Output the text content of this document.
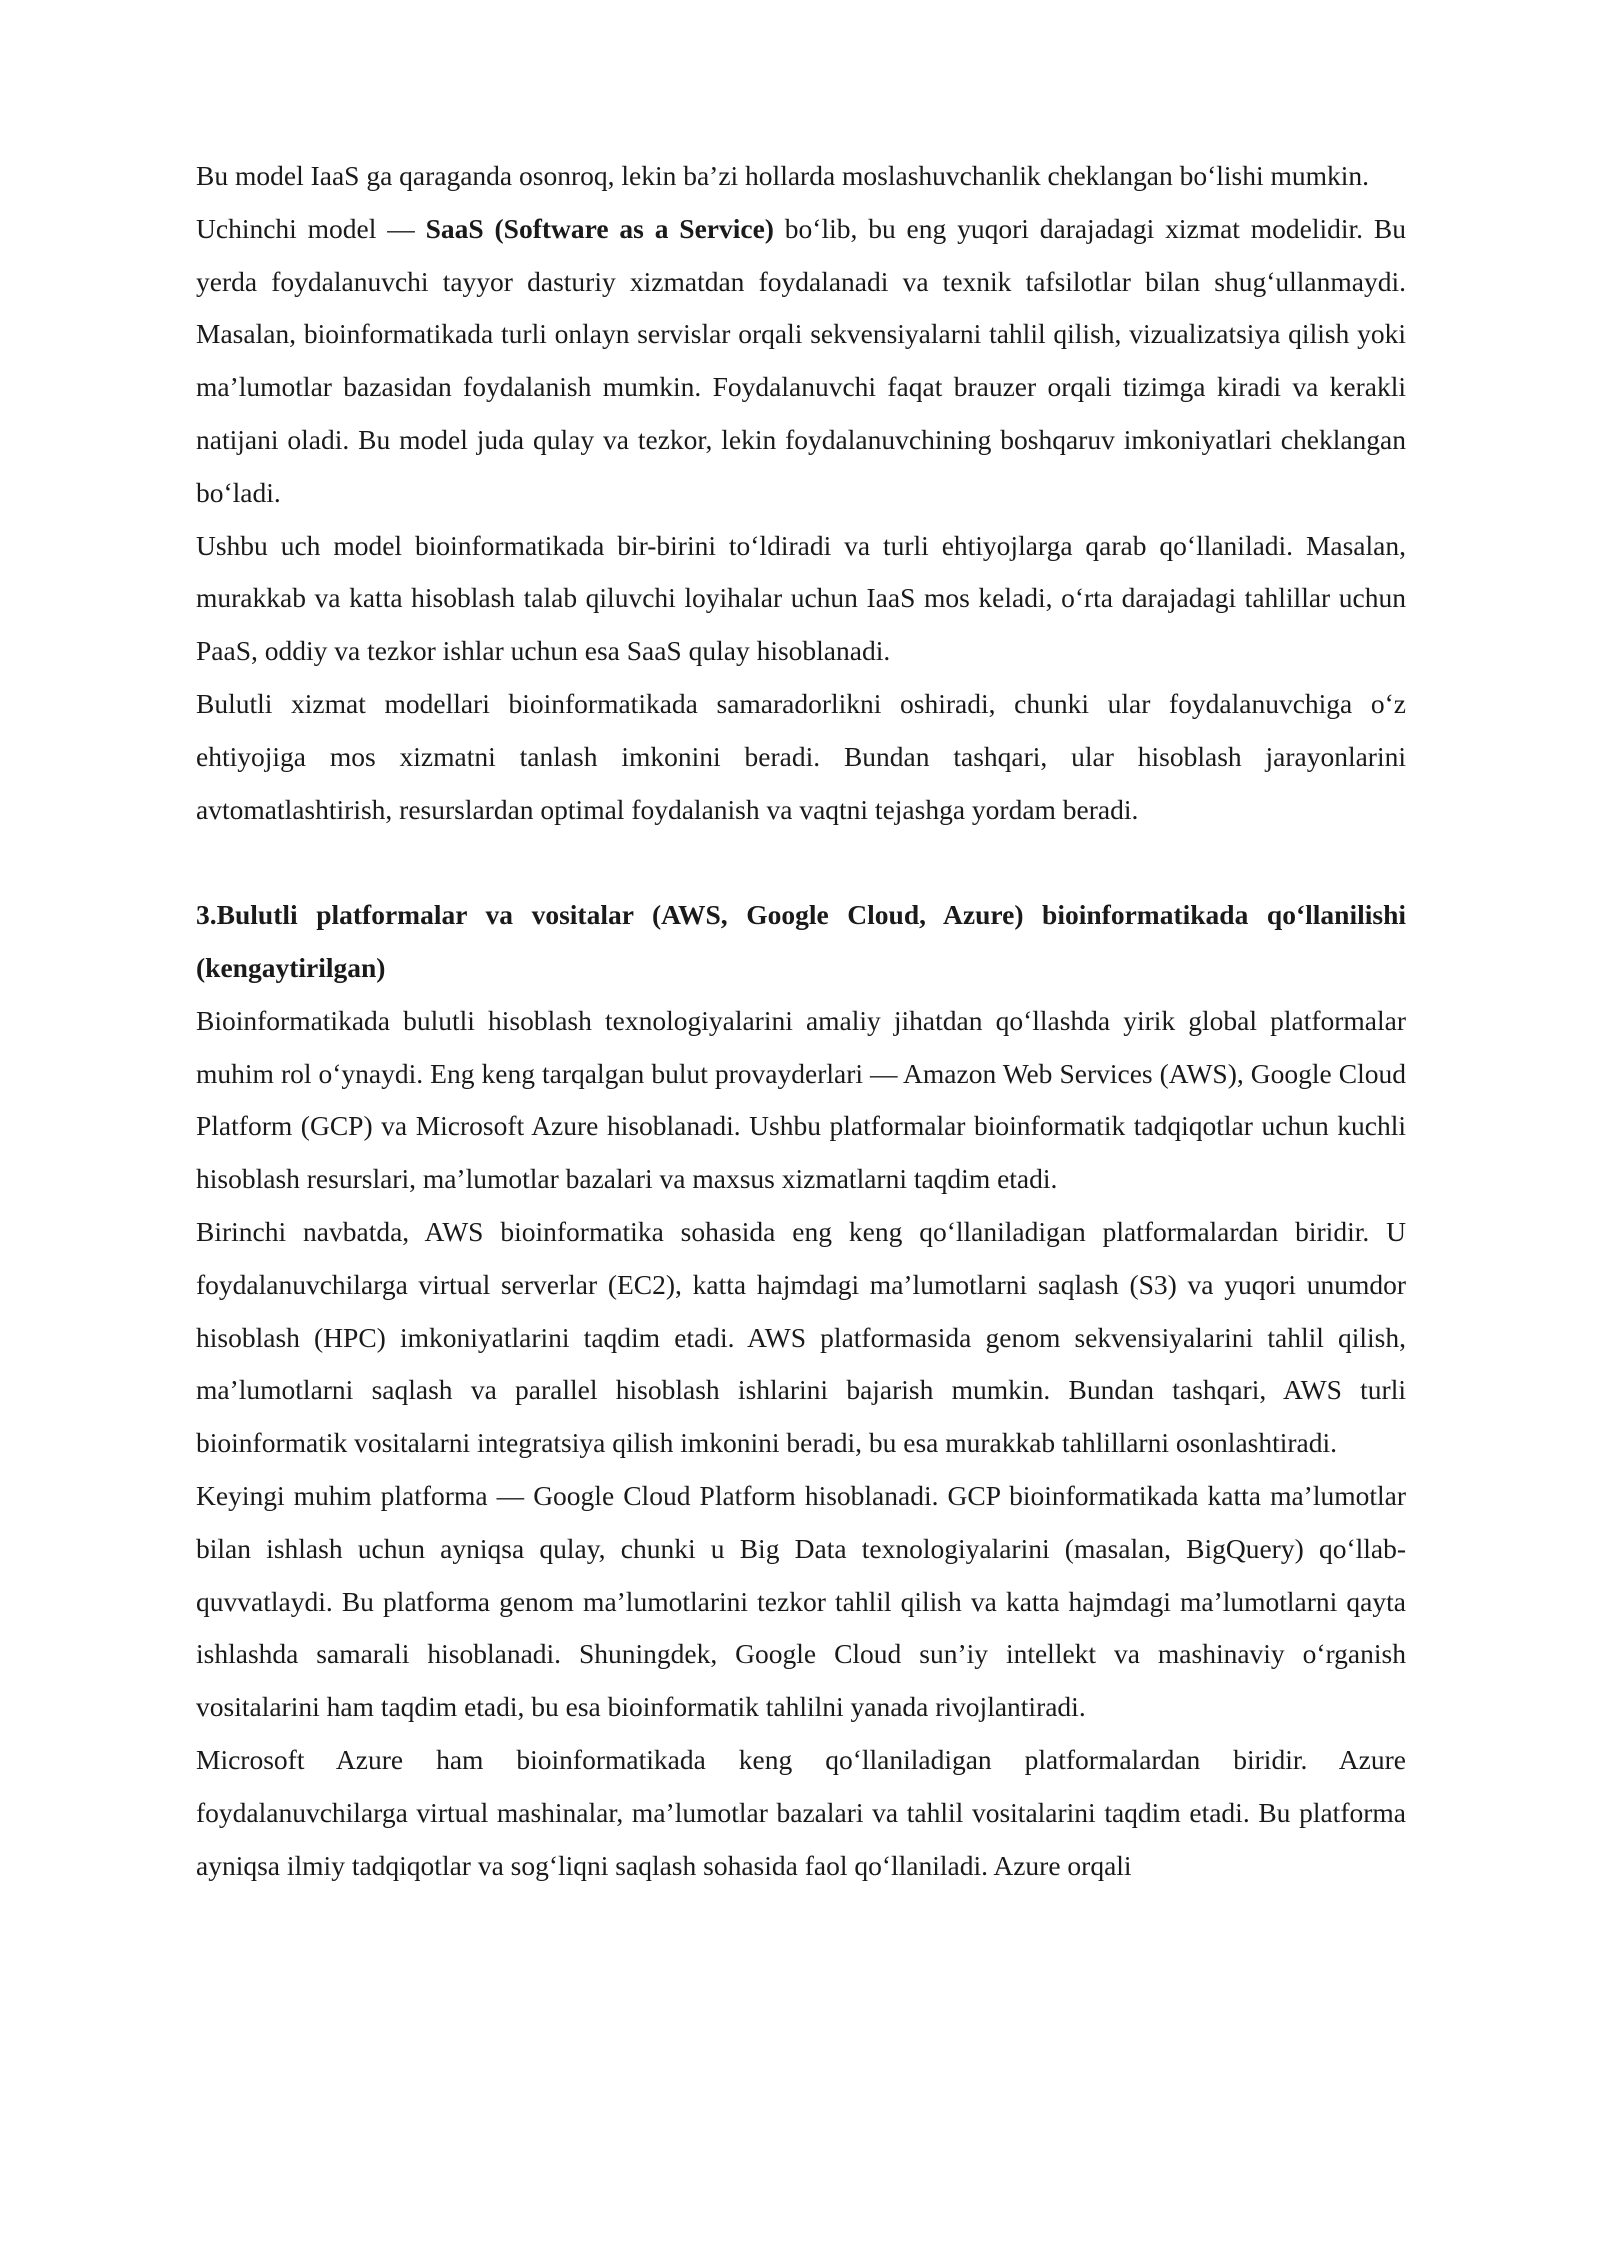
Bu model IaaS ga qaraganda osonroq, lekin ba’zi hollarda moslashuvchanlik cheklangan bo‘lishi mumkin.

Uchinchi model — SaaS (Software as a Service) bo‘lib, bu eng yuqori darajadagi xizmat modelidir. Bu yerda foydalanuvchi tayyor dasturiy xizmatdan foydalanadi va texnik tafsilotlar bilan shug‘ullanmaydi. Masalan, bioinformatikada turli onlayn servislar orqali sekvensiyalarni tahlil qilish, vizualizatsiya qilish yoki ma’lumotlar bazasidan foydalanish mumkin. Foydalanuvchi faqat brauzer orqali tizimga kiradi va kerakli natijani oladi. Bu model juda qulay va tezkor, lekin foydalanuvchining boshqaruv imkoniyatlari cheklangan bo‘ladi.

Ushbu uch model bioinformatikada bir-birini to‘ldiradi va turli ehtiyojlarga qarab qo‘llaniladi. Masalan, murakkab va katta hisoblash talab qiluvchi loyihalar uchun IaaS mos keladi, o‘rta darajadagi tahlillar uchun PaaS, oddiy va tezkor ishlar uchun esa SaaS qulay hisoblanadi.

Bulutli xizmat modellari bioinformatikada samaradorlikni oshiradi, chunki ular foydalanuvchiga o‘z ehtiyojiga mos xizmatni tanlash imkonini beradi. Bundan tashqari, ular hisoblash jarayonlarini avtomatlashtirish, resurslardan optimal foydalanish va vaqtni tejashga yordam beradi.

3.Bulutli platformalar va vositalar (AWS, Google Cloud, Azure) bioinformatikada qo‘llanilishi (kengaytirilgan)

Bioinformatikada bulutli hisoblash texnologiyalarini amaliy jihatdan qo‘llashda yirik global platformalar muhim rol o‘ynaydi. Eng keng tarqalgan bulut provayderlari — Amazon Web Services (AWS), Google Cloud Platform (GCP) va Microsoft Azure hisoblanadi. Ushbu platformalar bioinformatik tadqiqotlar uchun kuchli hisoblash resurslari, ma’lumotlar bazalari va maxsus xizmatlarni taqdim etadi.

Birinchi navbatda, AWS bioinformatika sohasida eng keng qo‘llaniladigan platformalardan biridir. U foydalanuvchilarga virtual serverlar (EC2), katta hajmdagi ma’lumotlarni saqlash (S3) va yuqori unumdor hisoblash (HPC) imkoniyatlarini taqdim etadi. AWS platformasida genom sekvensiyalarini tahlil qilish, ma’lumotlarni saqlash va parallel hisoblash ishlarini bajarish mumkin. Bundan tashqari, AWS turli bioinformatik vositalarni integratsiya qilish imkonini beradi, bu esa murakkab tahlillarni osonlashtiradi.

Keyingi muhim platforma — Google Cloud Platform hisoblanadi. GCP bioinformatikada katta ma’lumotlar bilan ishlash uchun ayniqsa qulay, chunki u Big Data texnologiyalarini (masalan, BigQuery) qo‘llab-quvvatlaydi. Bu platforma genom ma’lumotlarini tezkor tahlil qilish va katta hajmdagi ma’lumotlarni qayta ishlashda samarali hisoblanadi. Shuningdek, Google Cloud sun’iy intellekt va mashinaviy o‘rganish vositalarini ham taqdim etadi, bu esa bioinformatik tahlilni yanada rivojlantiradi.

Microsoft Azure ham bioinformatikada keng qo‘llaniladigan platformalardan biridir. Azure foydalanuvchilarga virtual mashinalar, ma’lumotlar bazalari va tahlil vositalarini taqdim etadi. Bu platforma ayniqsa ilmiy tadqiqotlar va sog‘liqni saqlash sohasida faol qo‘llaniladi. Azure orqali
